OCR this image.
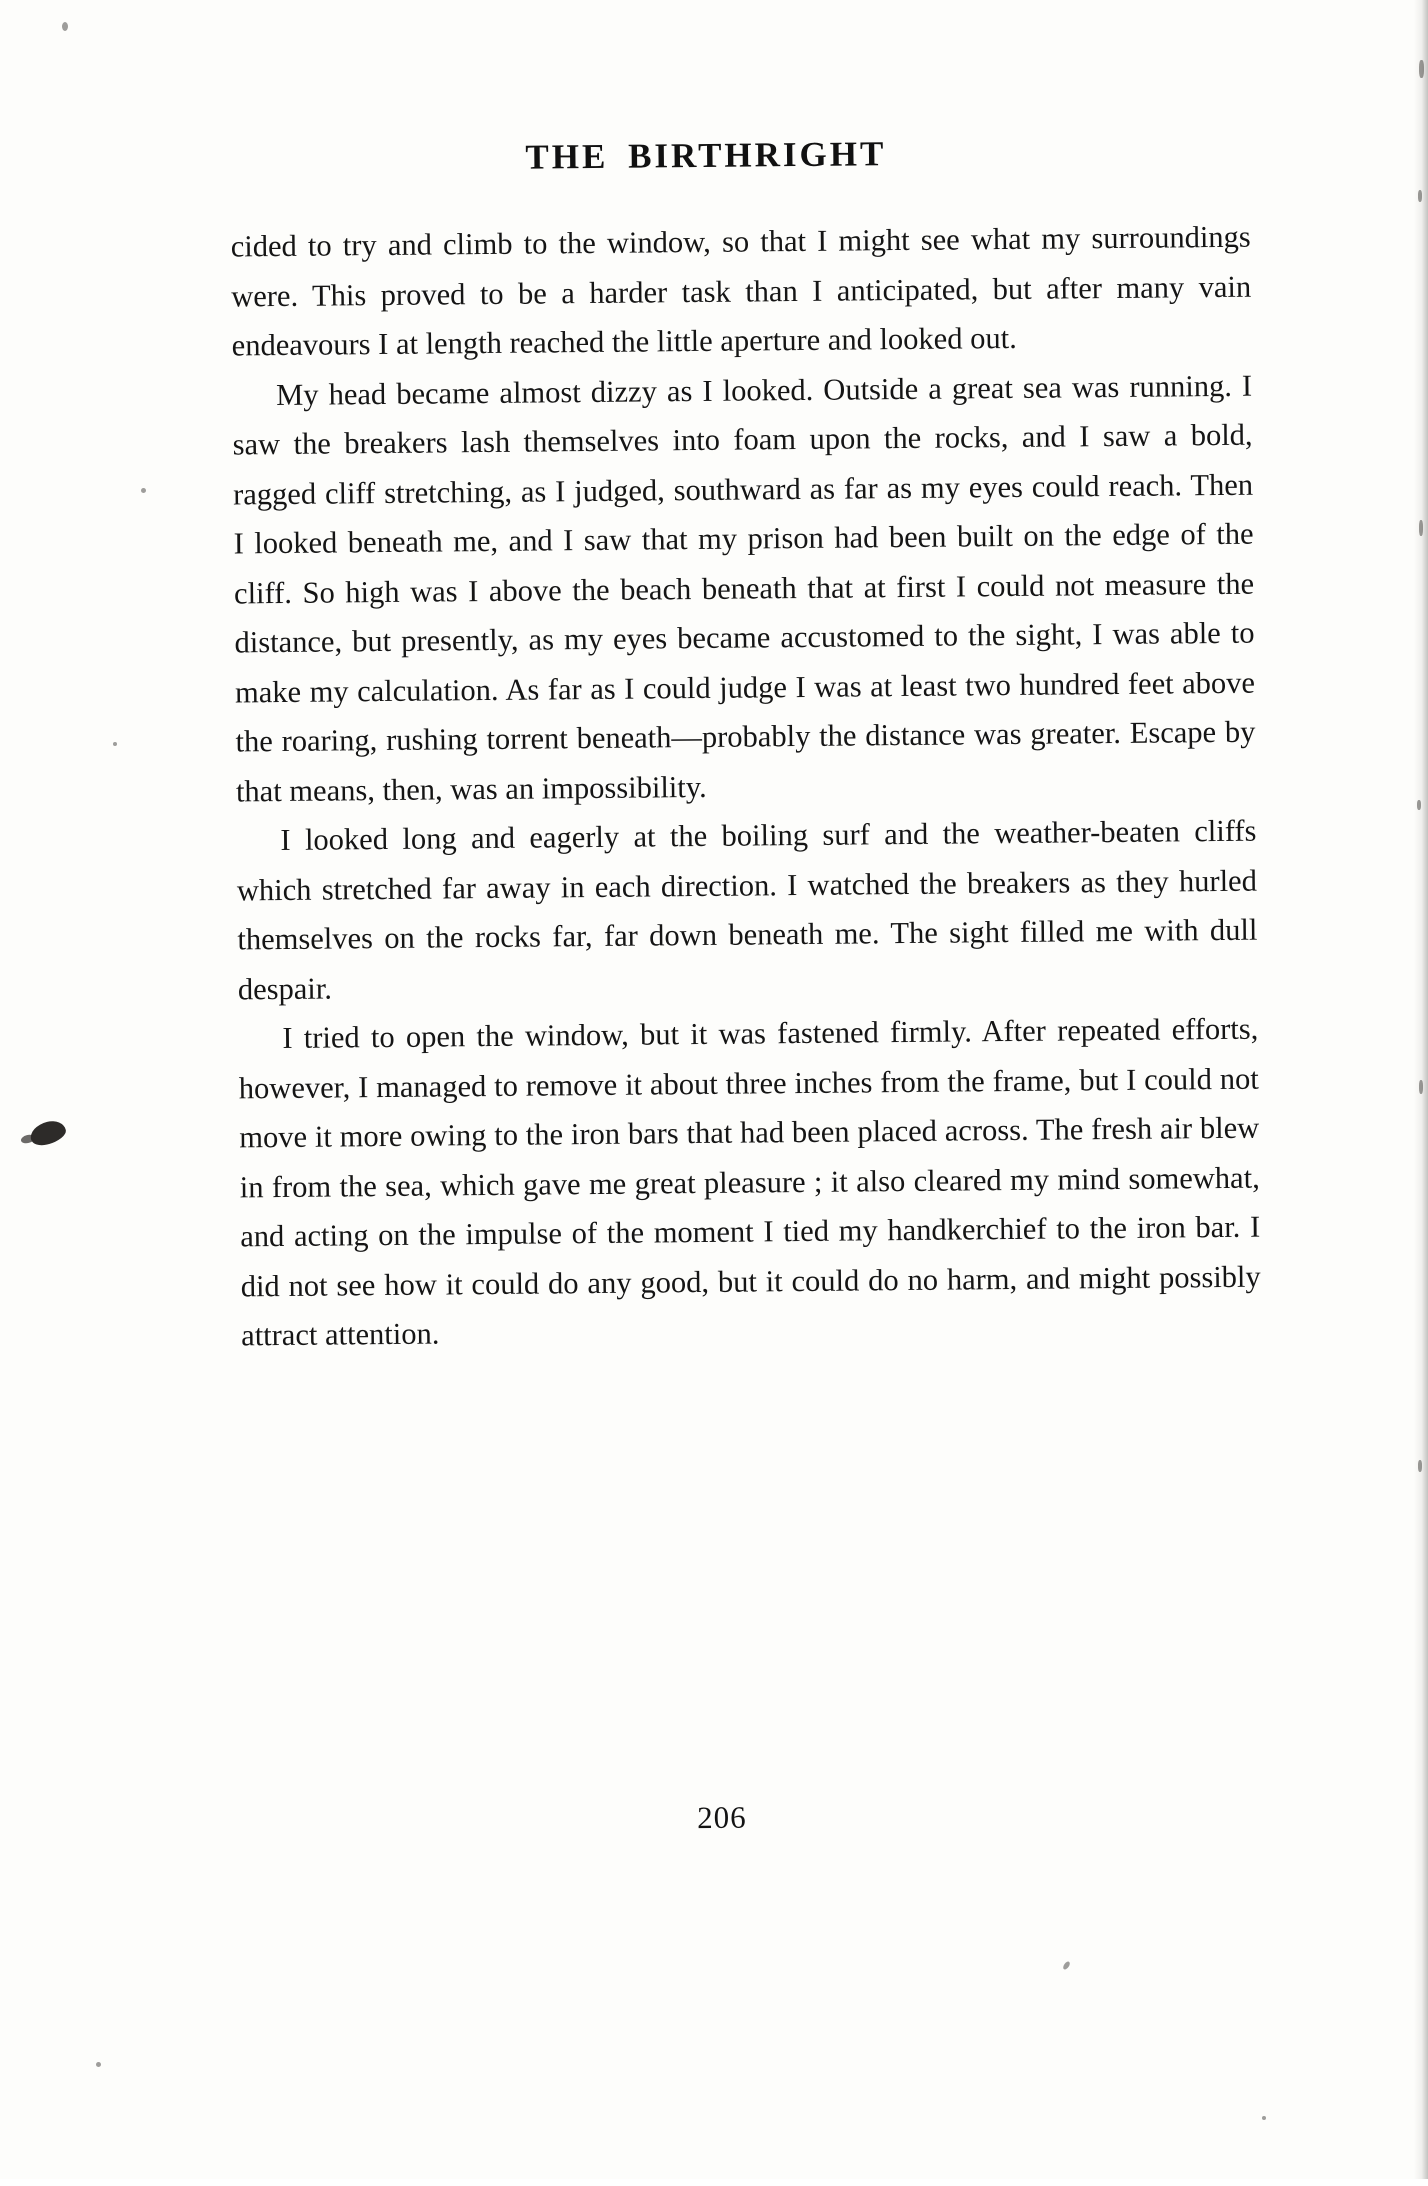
THE BIRTHRIGHT

cided to try and climb to the window, so that I might see what my surroundings were. This proved to be a harder task than I anticipated, but after many vain endeavours I at length reached the little aperture and looked out.

My head became almost dizzy as I looked. Outside a great sea was running. I saw the breakers lash themselves into foam upon the rocks, and I saw a bold, ragged cliff stretching, as I judged, southward as far as my eyes could reach. Then I looked beneath me, and I saw that my prison had been built on the edge of the cliff. So high was I above the beach beneath that at first I could not measure the distance, but presently, as my eyes became accustomed to the sight, I was able to make my calculation. As far as I could judge I was at least two hundred feet above the roaring, rushing torrent beneath—probably the distance was greater. Escape by that means, then, was an impossibility.

I looked long and eagerly at the boiling surf and the weather-beaten cliffs which stretched far away in each direction. I watched the breakers as they hurled themselves on the rocks far, far down beneath me. The sight filled me with dull despair.

I tried to open the window, but it was fastened firmly. After repeated efforts, however, I managed to remove it about three inches from the frame, but I could not move it more owing to the iron bars that had been placed across. The fresh air blew in from the sea, which gave me great pleasure ; it also cleared my mind somewhat, and acting on the impulse of the moment I tied my handkerchief to the iron bar. I did not see how it could do any good, but it could do no harm, and might possibly attract attention.

206
